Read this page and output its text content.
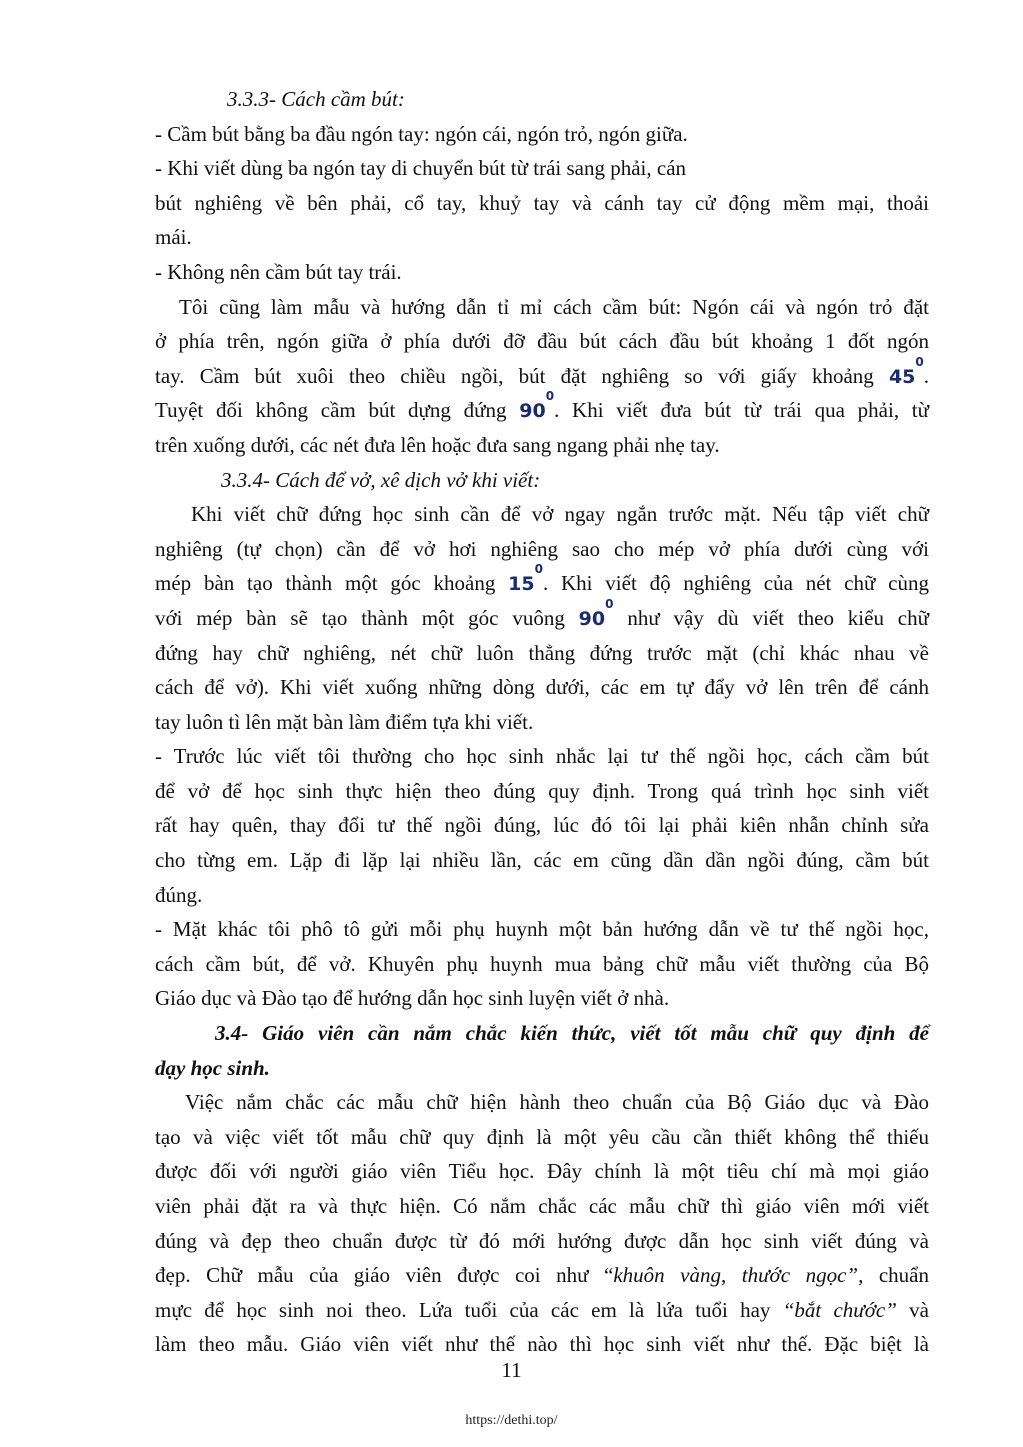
3.3.3- Cách cầm bút:
- Cầm bút bằng ba đầu ngón tay: ngón cái, ngón trỏ, ngón giữa.
- Khi viết dùng ba ngón tay di chuyển bút từ trái sang phải, cán
bút nghiêng về bên phải, cổ tay, khuỷ tay và cánh tay cử động mềm mại, thoải
mái.
- Không nên cầm bút tay trái.
Tôi cũng làm mẫu và hướng dẫn tỉ mỉ cách cầm bút: Ngón cái và ngón trỏ đặt
ở phía trên, ngón giữa ở phía dưới đỡ đầu bút cách đầu bút khoảng 1 đốt ngón
tay. Cầm bút xuôi theo chiều ngồi, bút đặt nghiêng so với giấy khoảng $45^0$.
Tuyệt đối không cầm bút dựng đứng $90^0$. Khi viết đưa bút từ trái qua phải, từ
trên xuống dưới, các nét đưa lên hoặc đưa sang ngang phải nhẹ tay.
3.3.4- Cách để vở, xê dịch vở khi viết:
Khi viết chữ đứng học sinh cần để vở ngay ngắn trước mặt. Nếu tập viết chữ
nghiêng (tự chọn) cần để vở hơi nghiêng sao cho mép vở phía dưới cùng với
mép bàn tạo thành một góc khoảng $15^0$. Khi viết độ nghiêng của nét chữ cùng
với mép bàn sẽ tạo thành một góc vuông $90^0$ như vậy dù viết theo kiểu chữ
đứng hay chữ nghiêng, nét chữ luôn thẳng đứng trước mặt (chỉ khác nhau về
cách để vở). Khi viết xuống những dòng dưới, các em tự đẩy vở lên trên để cánh
tay luôn tì lên mặt bàn làm điểm tựa khi viết.
- Trước lúc viết tôi thường cho học sinh nhắc lại tư thế ngồi học, cách cầm bút
để vở để học sinh thực hiện theo đúng quy định. Trong quá trình học sinh viết
rất hay quên, thay đổi tư thế ngồi đúng, lúc đó tôi lại phải kiên nhẫn chỉnh sửa
cho từng em. Lặp đi lặp lại nhiều lần, các em cũng dần dần ngồi đúng, cầm bút
đúng.
- Mặt khác tôi phô tô gửi mỗi phụ huynh một bản hướng dẫn về tư thế ngồi học,
cách cầm bút, để vở. Khuyên phụ huynh mua bảng chữ mẫu viết thường của Bộ
Giáo dục và Đào tạo để hướng dẫn học sinh luyện viết ở nhà.
3.4- Giáo viên cần nắm chắc kiến thức, viết tốt mẫu chữ quy định để
dạy học sinh.
Việc nắm chắc các mẫu chữ hiện hành theo chuẩn của Bộ Giáo dục và Đào
tạo và việc viết tốt mẫu chữ quy định là một yêu cầu cần thiết không thể thiếu
được đối với người giáo viên Tiểu học. Đây chính là một tiêu chí mà mọi giáo
viên phải đặt ra và thực hiện. Có nắm chắc các mẫu chữ thì giáo viên mới viết
đúng và đẹp theo chuẩn được từ đó mới hướng được dẫn học sinh viết đúng và
đẹp. Chữ mẫu của giáo viên được coi như “khuôn vàng, thước ngọc”, chuẩn
mực để học sinh noi theo. Lứa tuổi của các em là lứa tuổi hay “bắt chước” và
làm theo mẫu. Giáo viên viết như thế nào thì học sinh viết như thế. Đặc biệt là
11
https://dethi.top/
